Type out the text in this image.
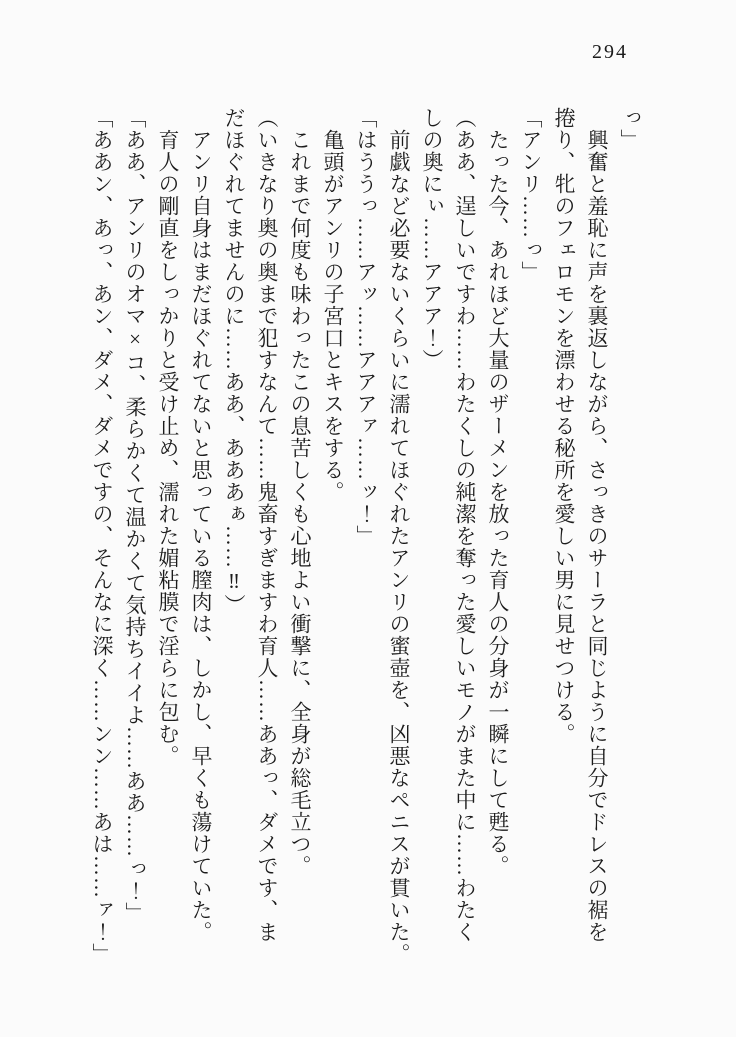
294

っ」

興奮と羞恥に声を裏返しながら、さっきのサーラと同じように自分でドレスの裾を

捲り、牝のフェロモンを漂わせる秘所を愛しい男に見せつける。

「アンリ……っ」

たった今、あれほど大量のザーメンを放った育人の分身が一瞬にして甦る。

（ああ、逞しいですわ……わたくしの純潔を奪った愛しいモノがまた中に……わたく

しの奥にぃ……アアア！）

前戯など必要ないくらいに濡れてほぐれたアンリの蜜壺を、凶悪なペニスが貫いた。

「はううっ……アッ……アアアァ……ッ！」

亀頭がアンリの子宮口とキスをする。

これまで何度も味わったこの息苦しくも心地よい衝撃に、全身が総毛立つ。

（いきなり奥の奥まで犯すなんて……鬼畜すぎますわ育人……ああっ、ダメです、ま

だほぐれてませんのに……ああ、あああぁ……‼）

アンリ自身はまだほぐれてないと思っている膣肉は、しかし、早くも蕩けていた。

育人の剛直をしっかりと受け止め、濡れた媚粘膜で淫らに包む。

「ああ、アンリのオマ×コ、柔らかくて温かくて気持ちイイよ……ああ……っ！」

「ああン、あっ、あン、ダメ、ダメですの、そんなに深く……ンン……あは……ァ！」
